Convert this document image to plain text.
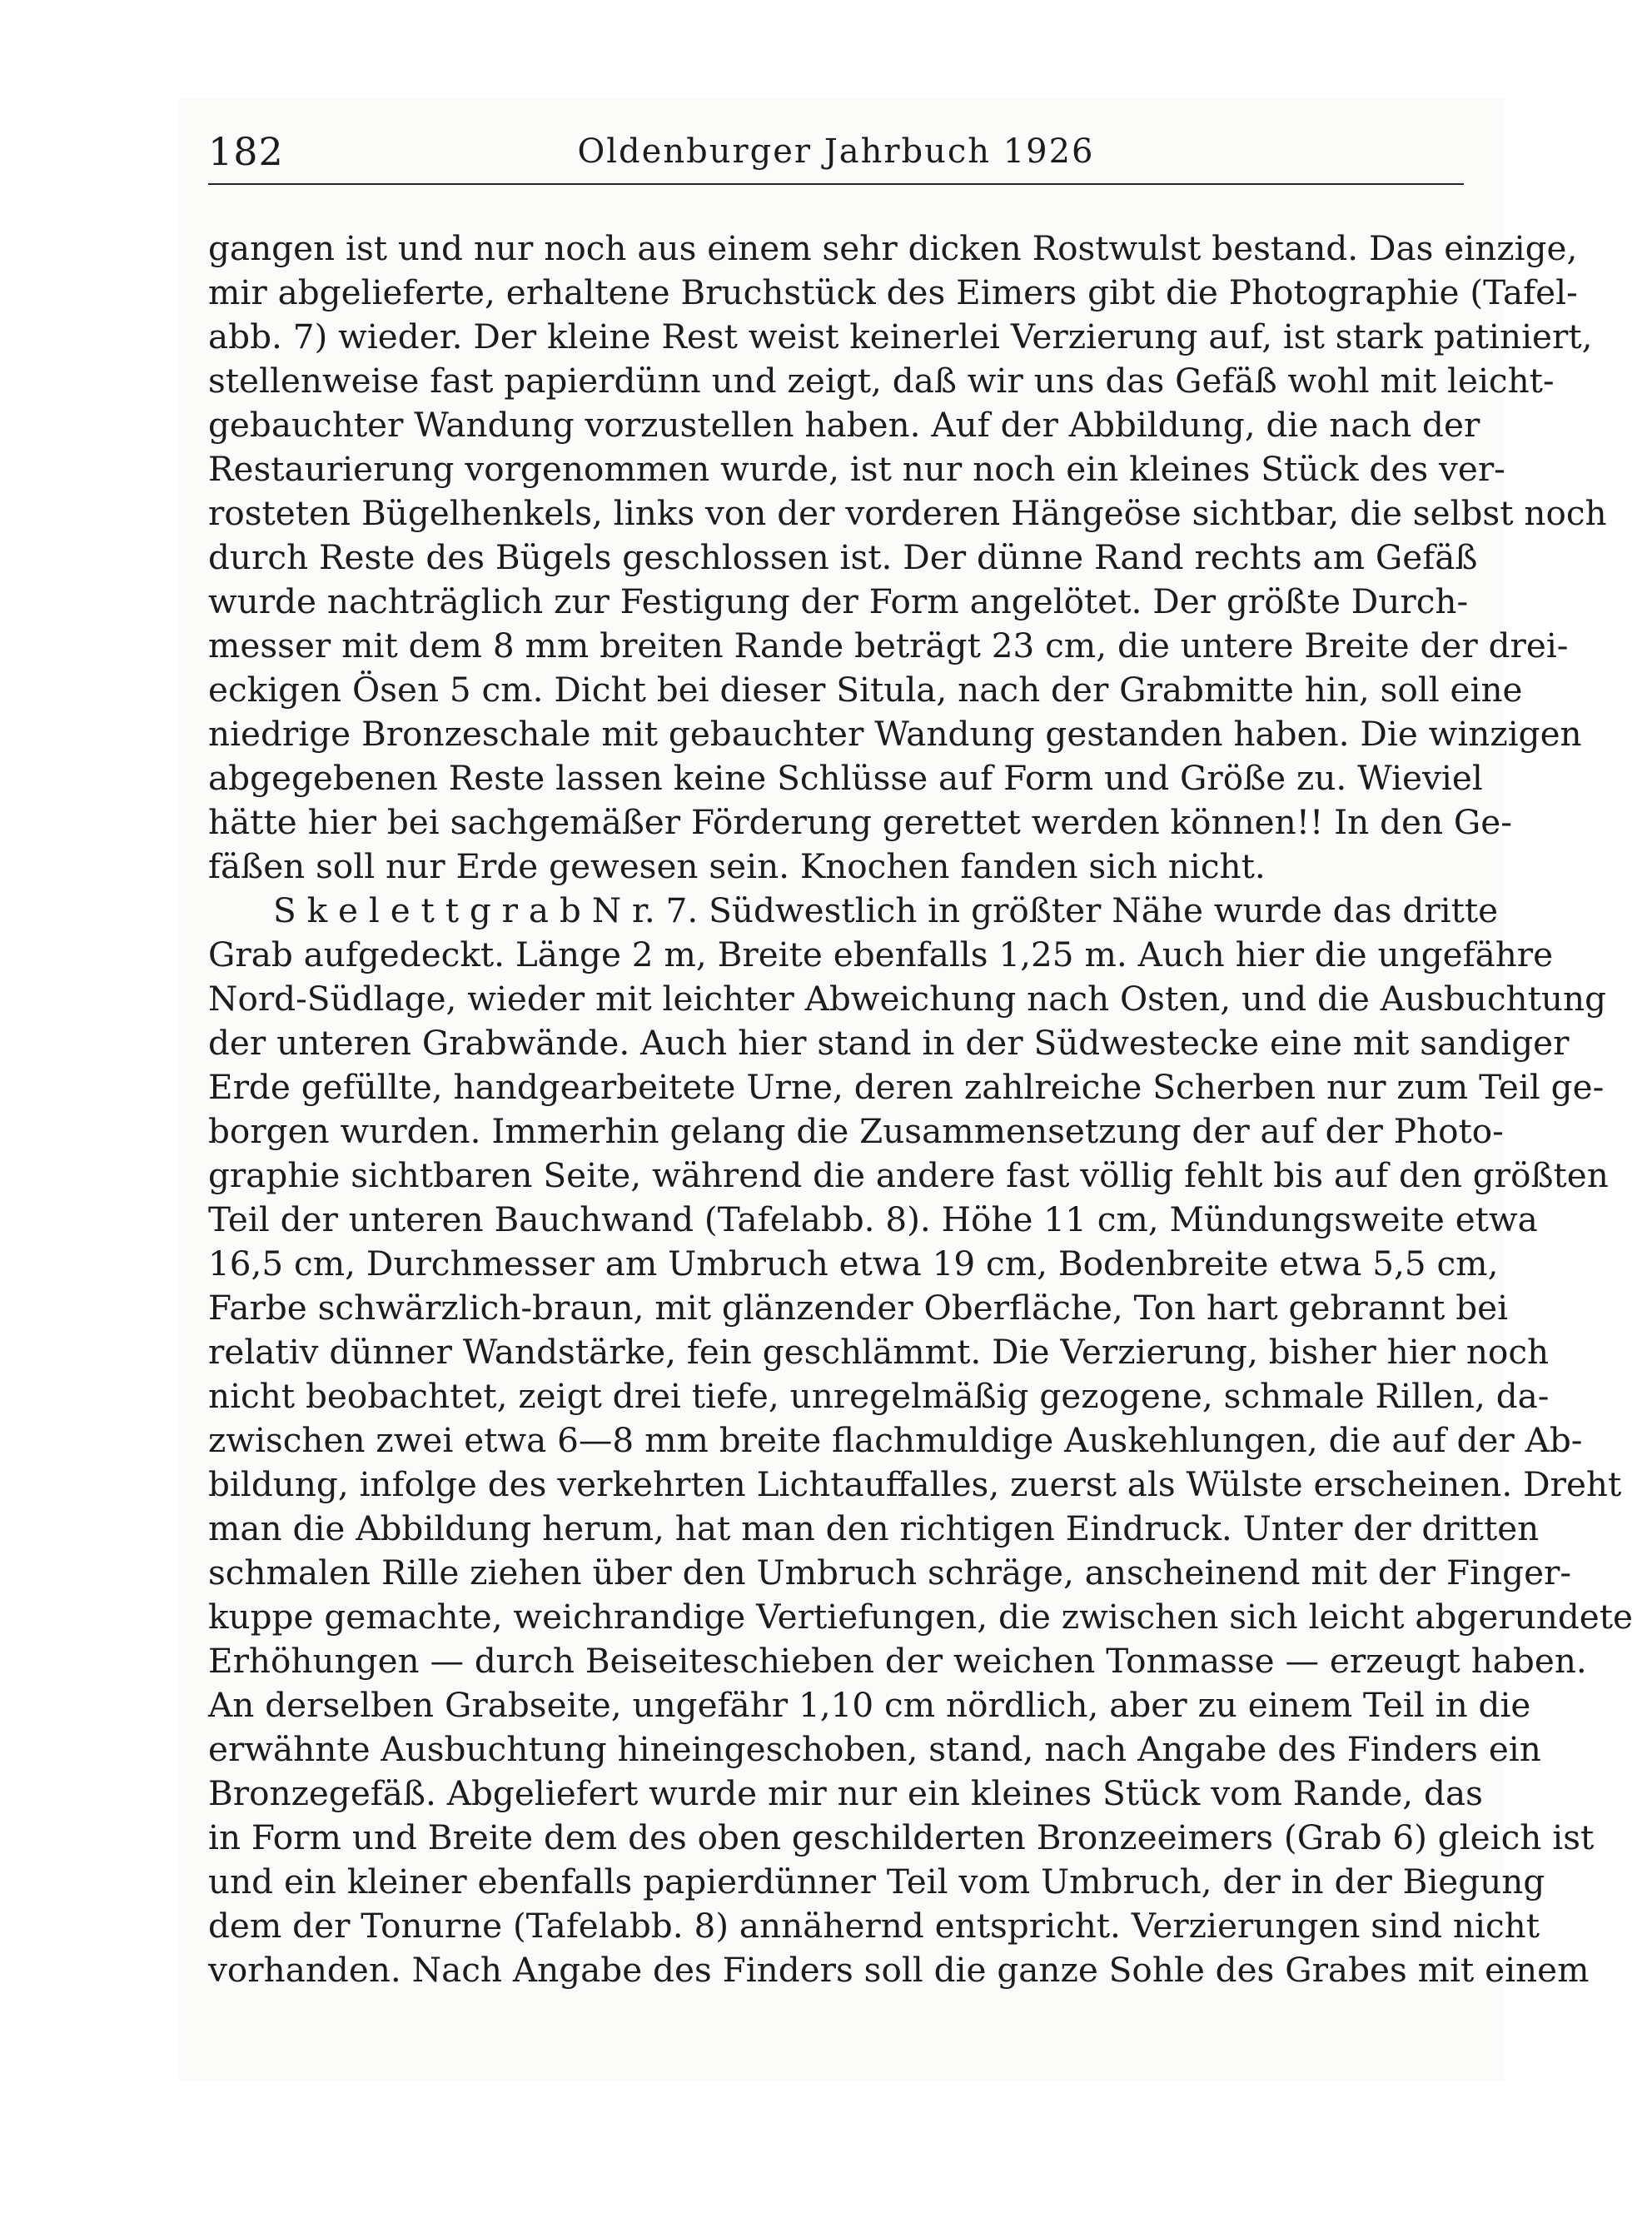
182	Oldenburger Jahrbuch 1926
gangen ist und nur noch aus einem sehr dicken Rostwulst bestand. Das einzige,
mir abgelieferte, erhaltene Bruchstück des Eimers gibt die Photographie (Tafel-
abb. 7) wieder. Der kleine Rest weist keinerlei Verzierung auf, ist stark patiniert,
stellenweise fast papierdünn und zeigt, daß wir uns das Gefäß wohl mit leicht-
gebauchter Wandung vorzustellen haben. Auf der Abbildung, die nach der
Restaurierung vorgenommen wurde, ist nur noch ein kleines Stück des ver-
rosteten Bügelhenkels, links von der vorderen Hängeöse sichtbar, die selbst noch
durch Reste des Bügels geschlossen ist. Der dünne Rand rechts am Gefäß
wurde nachträglich zur Festigung der Form angelötet. Der größte Durch-
messer mit dem 8 mm breiten Rande beträgt 23 cm, die untere Breite der drei-
eckigen Ösen 5 cm. Dicht bei dieser Situla, nach der Grabmitte hin, soll eine
niedrige Bronzeschale mit gebauchter Wandung gestanden haben. Die winzigen
abgegebenen Reste lassen keine Schlüsse auf Form und Größe zu. Wieviel
hätte hier bei sachgemäßer Förderung gerettet werden können!! In den Ge-
fäßen soll nur Erde gewesen sein. Knochen fanden sich nicht.
S k e l e t t g r a b N r. 7. Südwestlich in größter Nähe wurde das dritte
Grab aufgedeckt. Länge 2 m, Breite ebenfalls 1,25 m. Auch hier die ungefähre
Nord-Südlage, wieder mit leichter Abweichung nach Osten, und die Ausbuchtung
der unteren Grabwände. Auch hier stand in der Südwestecke eine mit sandiger
Erde gefüllte, handgearbeitete Urne, deren zahlreiche Scherben nur zum Teil ge-
borgen wurden. Immerhin gelang die Zusammensetzung der auf der Photo-
graphie sichtbaren Seite, während die andere fast völlig fehlt bis auf den größten
Teil der unteren Bauchwand (Tafelabb. 8). Höhe 11 cm, Mündungsweite etwa
16,5 cm, Durchmesser am Umbruch etwa 19 cm, Bodenbreite etwa 5,5 cm,
Farbe schwärzlich-braun, mit glänzender Oberfläche, Ton hart gebrannt bei
relativ dünner Wandstärke, fein geschlämmt. Die Verzierung, bisher hier noch
nicht beobachtet, zeigt drei tiefe, unregelmäßig gezogene, schmale Rillen, da-
zwischen zwei etwa 6—8 mm breite flachmuldige Auskehlungen, die auf der Ab-
bildung, infolge des verkehrten Lichtauffalles, zuerst als Wülste erscheinen. Dreht
man die Abbildung herum, hat man den richtigen Eindruck. Unter der dritten
schmalen Rille ziehen über den Umbruch schräge, anscheinend mit der Finger-
kuppe gemachte, weichrandige Vertiefungen, die zwischen sich leicht abgerundete
Erhöhungen — durch Beiseiteschieben der weichen Tonmasse — erzeugt haben.
An derselben Grabseite, ungefähr 1,10 cm nördlich, aber zu einem Teil in die
erwähnte Ausbuchtung hineingeschoben, stand, nach Angabe des Finders ein
Bronzegefäß. Abgeliefert wurde mir nur ein kleines Stück vom Rande, das
in Form und Breite dem des oben geschilderten Bronzeeimers (Grab 6) gleich ist
und ein kleiner ebenfalls papierdünner Teil vom Umbruch, der in der Biegung
dem der Tonurne (Tafelabb. 8) annähernd entspricht. Verzierungen sind nicht
vorhanden. Nach Angabe des Finders soll die ganze Sohle des Grabes mit einem
